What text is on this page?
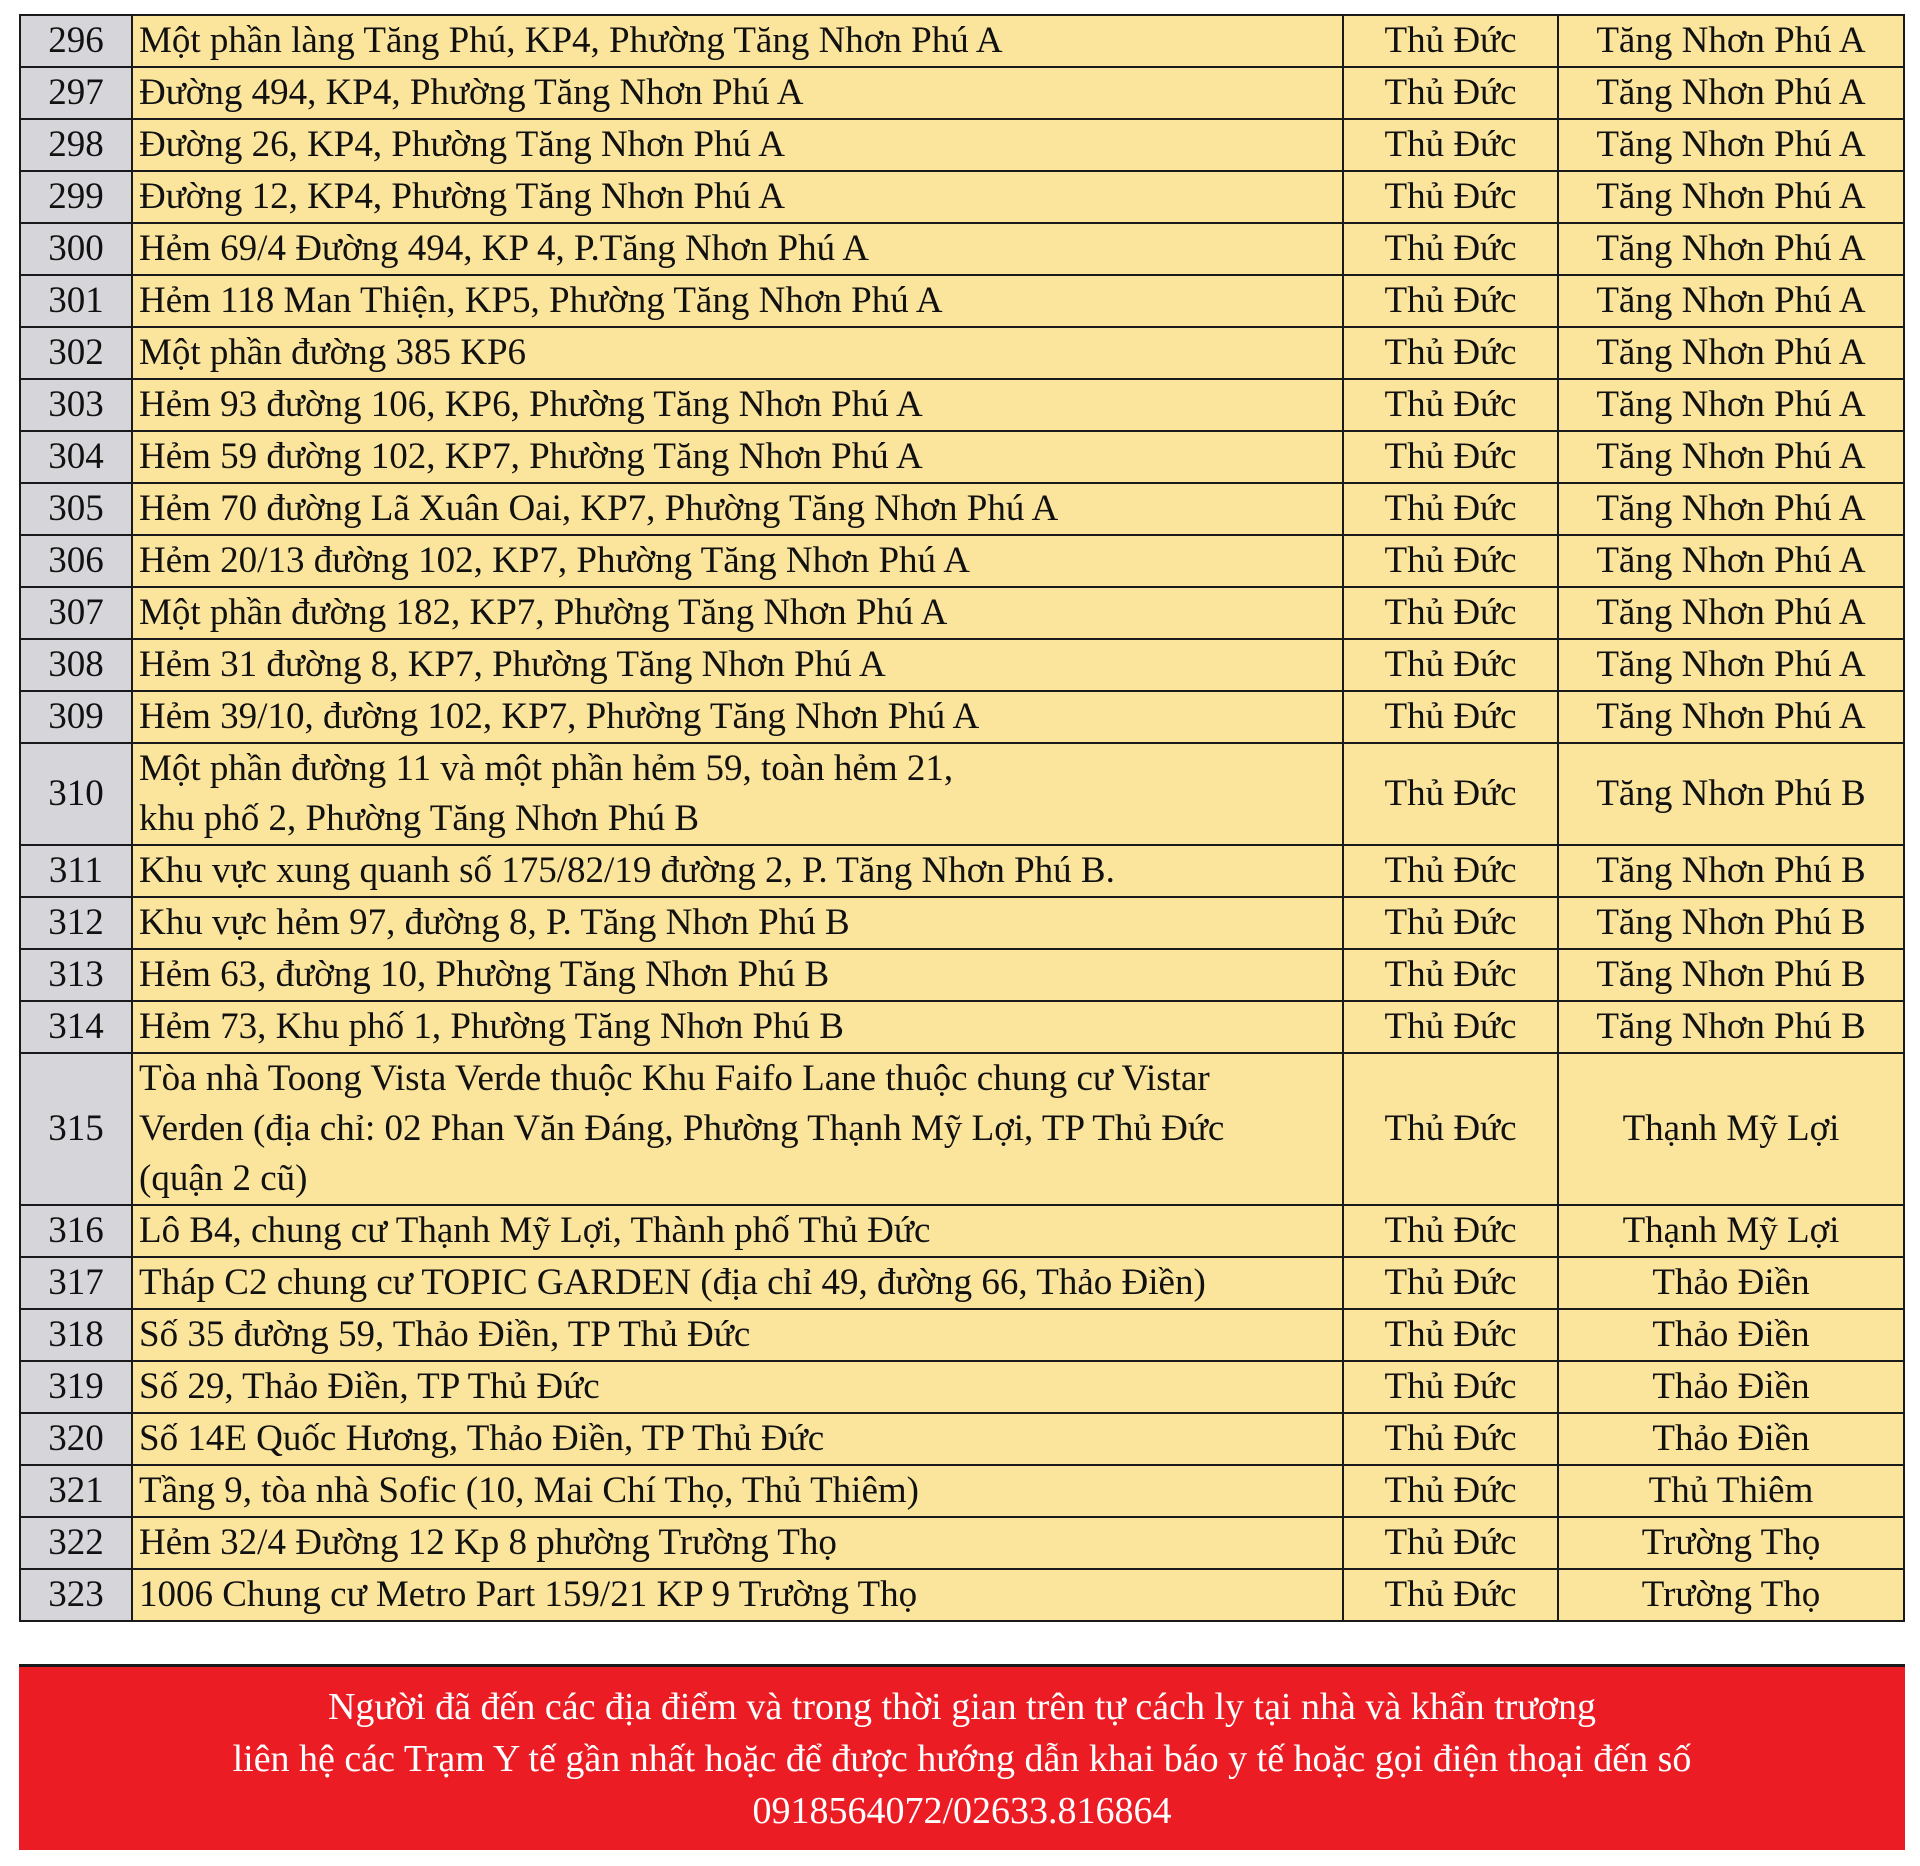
296	Một phần làng Tăng Phú, KP4, Phường Tăng Nhơn Phú A	Thủ Đức	Tăng Nhơn Phú A
297	Đường 494, KP4, Phường Tăng Nhơn Phú A	Thủ Đức	Tăng Nhơn Phú A
298	Đường 26, KP4, Phường Tăng Nhơn Phú A	Thủ Đức	Tăng Nhơn Phú A
299	Đường 12, KP4, Phường Tăng Nhơn Phú A	Thủ Đức	Tăng Nhơn Phú A
300	Hẻm 69/4 Đường 494, KP 4, P.Tăng Nhơn Phú A	Thủ Đức	Tăng Nhơn Phú A
301	Hẻm 118 Man Thiện, KP5, Phường Tăng Nhơn Phú A	Thủ Đức	Tăng Nhơn Phú A
302	Một phần đường 385 KP6	Thủ Đức	Tăng Nhơn Phú A
303	Hẻm 93 đường 106, KP6, Phường Tăng Nhơn Phú A	Thủ Đức	Tăng Nhơn Phú A
304	Hẻm 59 đường 102, KP7, Phường Tăng Nhơn Phú A	Thủ Đức	Tăng Nhơn Phú A
305	Hẻm 70 đường Lã Xuân Oai, KP7, Phường Tăng Nhơn Phú A	Thủ Đức	Tăng Nhơn Phú A
306	Hẻm 20/13 đường 102, KP7, Phường Tăng Nhơn Phú A	Thủ Đức	Tăng Nhơn Phú A
307	Một phần đường 182, KP7, Phường Tăng Nhơn Phú A	Thủ Đức	Tăng Nhơn Phú A
308	Hẻm 31 đường 8, KP7, Phường Tăng Nhơn Phú A	Thủ Đức	Tăng Nhơn Phú A
309	Hẻm 39/10, đường 102, KP7, Phường Tăng Nhơn Phú A	Thủ Đức	Tăng Nhơn Phú A
310	Một phần đường 11 và một phần hẻm 59, toàn hẻm 21,
khu phố 2, Phường Tăng Nhơn Phú B	Thủ Đức	Tăng Nhơn Phú B
311	Khu vực xung quanh số 175/82/19 đường 2, P. Tăng Nhơn Phú B.	Thủ Đức	Tăng Nhơn Phú B
312	Khu vực hẻm 97, đường 8, P. Tăng Nhơn Phú B	Thủ Đức	Tăng Nhơn Phú B
313	Hẻm 63, đường 10, Phường Tăng Nhơn Phú B	Thủ Đức	Tăng Nhơn Phú B
314	Hẻm 73, Khu phố 1, Phường Tăng Nhơn Phú B	Thủ Đức	Tăng Nhơn Phú B
315	Tòa nhà Toong Vista Verde thuộc Khu Faifo Lane thuộc chung cư Vistar
Verden (địa chỉ: 02 Phan Văn Đáng, Phường Thạnh Mỹ Lợi, TP Thủ Đức
(quận 2 cũ)	Thủ Đức	Thạnh Mỹ Lợi
316	Lô B4, chung cư Thạnh Mỹ Lợi, Thành phố Thủ Đức	Thủ Đức	Thạnh Mỹ Lợi
317	Tháp C2 chung cư TOPIC GARDEN (địa chỉ 49, đường 66, Thảo Điền)	Thủ Đức	Thảo Điền
318	Số 35 đường 59, Thảo Điền, TP Thủ Đức	Thủ Đức	Thảo Điền
319	Số 29, Thảo Điền, TP Thủ Đức	Thủ Đức	Thảo Điền
320	Số 14E Quốc Hương, Thảo Điền, TP Thủ Đức	Thủ Đức	Thảo Điền
321	Tầng 9, tòa nhà Sofic (10, Mai Chí Thọ, Thủ Thiêm)	Thủ Đức	Thủ Thiêm
322	Hẻm 32/4 Đường 12 Kp 8 phường Trường Thọ	Thủ Đức	Trường Thọ
323	1006 Chung cư Metro Part 159/21 KP 9 Trường Thọ	Thủ Đức	Trường Thọ
Người đã đến các địa điểm và trong thời gian trên tự cách ly tại nhà và khẩn trương
liên hệ các Trạm Y tế gần nhất hoặc để được hướng dẫn khai báo y tế hoặc gọi điện thoại đến số
0918564072/02633.816864
